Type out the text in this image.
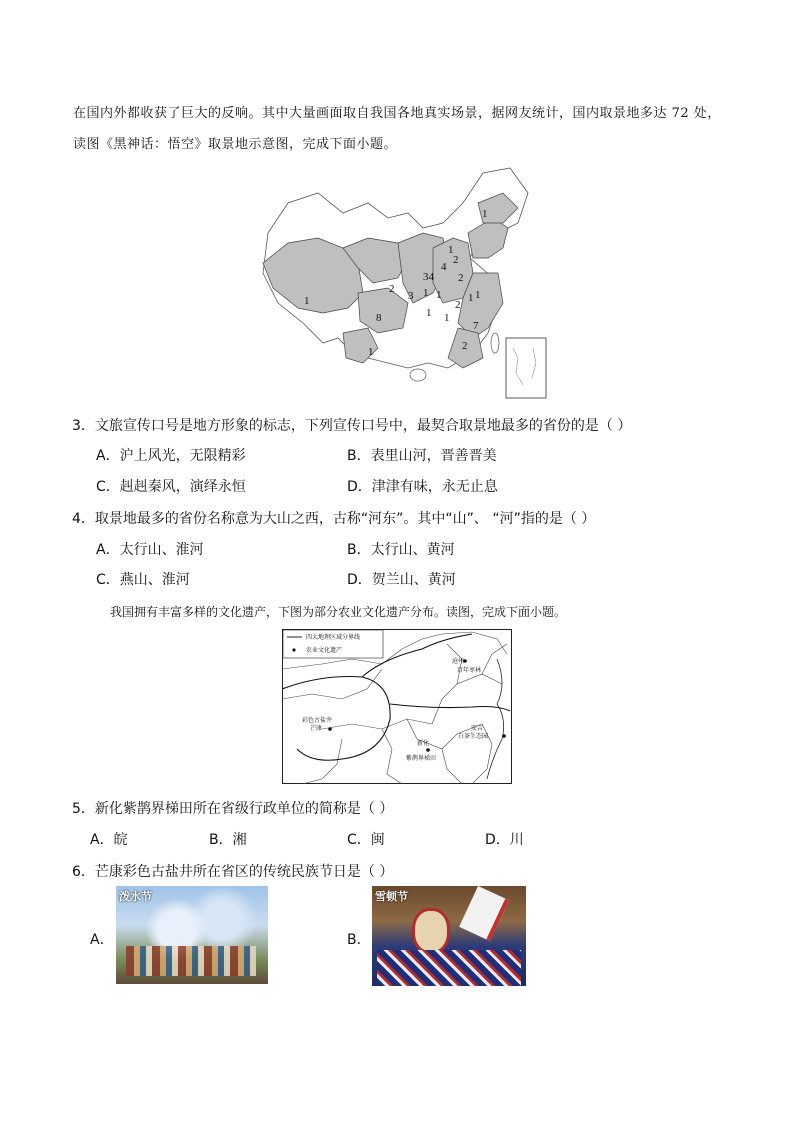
在国内外都收获了巨大的反响。其中大量画面取自我国各地真实场景，据网友统计，国内取景地多达 72 处，
读图《黑神话：悟空》取景地示意图，完成下面小题。
1
2
4
34
1
2
1
2
3 1	1
2
1
7
1
8
1
1
1
2
3．文旅宣传口号是地方形象的标志，下列宣传口号中，最契合取景地最多的省份的是（ ）
A．沪上风光，无限精彩	B．表里山河，晋善晋美
C．赳赳秦风，演绎永恒	D．津津有味，永无止息
4．取景地最多的省份名称意为大山之西，古称“河东”。其中“山”、 “河”指的是（ ）
A．太行山、淮河	B．太行山、黄河
C．燕山、淮河	D．贺兰山、黄河
我国拥有丰富多样的文化遗产，下图为部分农业文化遗产分布。读图，完成下面小题。
四大地理区域分界线
农业文化遗产
沧州
百年枣林
安吉
白茶生态园
彩色古盐井
芒康
新化
紫鹊界梯田
5．新化紫鹊界梯田所在省级行政单位的简称是（ ）
A．皖	B．湘	C．闽	D．川
6．芒康彩色古盐井所在省区的传统民族节日是（ ）
A．
泼水节
B．
雪顿节
